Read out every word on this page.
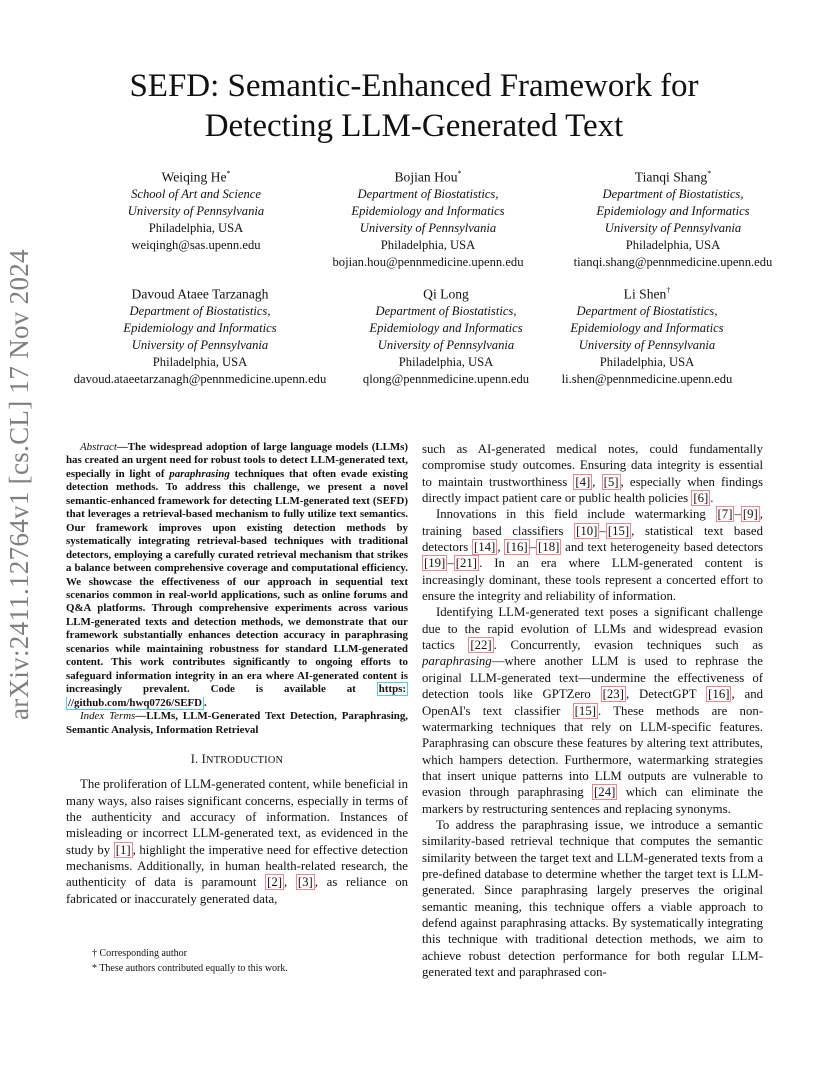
arXiv:2411.12764v1 [cs.CL] 17 Nov 2024
SEFD: Semantic-Enhanced Framework for
Detecting LLM-Generated Text
Weiqing He*
School of Art and Science
University of Pennsylvania
Philadelphia, USA
weiqingh@sas.upenn.edu
Bojian Hou*
Department of Biostatistics,
Epidemiology and Informatics
University of Pennsylvania
Philadelphia, USA
bojian.hou@pennmedicine.upenn.edu
Tianqi Shang*
Department of Biostatistics,
Epidemiology and Informatics
University of Pennsylvania
Philadelphia, USA
tianqi.shang@pennmedicine.upenn.edu
Davoud Ataee Tarzanagh
Department of Biostatistics,
Epidemiology and Informatics
University of Pennsylvania
Philadelphia, USA
davoud.ataeetarzanagh@pennmedicine.upenn.edu
Qi Long
Department of Biostatistics,
Epidemiology and Informatics
University of Pennsylvania
Philadelphia, USA
qlong@pennmedicine.upenn.edu
Li Shen†
Department of Biostatistics,
Epidemiology and Informatics
University of Pennsylvania
Philadelphia, USA
li.shen@pennmedicine.upenn.edu

Abstract—The widespread adoption of large language models (LLMs) has created an urgent need for robust tools to detect LLM-generated text, especially in light of paraphrasing techniques that often evade existing detection methods. To address this challenge, we present a novel semantic-enhanced framework for detecting LLM-generated text (SEFD) that leverages a retrieval-based mechanism to fully utilize text semantics. Our framework improves upon existing detection methods by systematically integrating retrieval-based techniques with traditional detectors, employing a carefully curated retrieval mechanism that strikes a balance between comprehensive coverage and computational efficiency. We showcase the effectiveness of our approach in sequential text scenarios common in real-world applications, such as online forums and Q&A platforms. Through comprehensive experiments across various LLM-generated texts and detection methods, we demonstrate that our framework substantially enhances detection accuracy in paraphrasing scenarios while maintaining robustness for standard LLM-generated content. This work contributes significantly to ongoing efforts to safeguard information integrity in an era where AI-generated content is increasingly prevalent. Code is available at https: //github.com/hwq0726/SEFD .

Index Terms—LLMs, LLM-Generated Text Detection, Paraphrasing, Semantic Analysis, Information Retrieval

I. INTRODUCTION

The proliferation of LLM-generated content, while beneficial in many ways, also raises significant concerns, especially in terms of the authenticity and accuracy of information. Instances of misleading or incorrect LLM-generated text, as evidenced in the study by [1] , highlight the imperative need for effective detection mechanisms. Additionally, in human health-related research, the authenticity of data is paramount [2] , [3] , as reliance on fabricated or inaccurately generated data,

† Corresponding author
* These authors contributed equally to this work.

such as AI-generated medical notes, could fundamentally compromise study outcomes. Ensuring data integrity is essential to maintain trustworthiness [4] , [5] , especially when findings directly impact patient care or public health policies [6] .

Innovations in this field include watermarking [7] – [9] , training based classifiers [10] – [15] , statistical text based detectors [14] , [16] – [18] and text heterogeneity based detectors [19] – [21] . In an era where LLM-generated content is increasingly dominant, these tools represent a concerted effort to ensure the integrity and reliability of information.

Identifying LLM-generated text poses a significant challenge due to the rapid evolution of LLMs and widespread evasion tactics [22] . Concurrently, evasion techniques such as paraphrasing—where another LLM is used to rephrase the original LLM-generated text—undermine the effectiveness of detection tools like GPTZero [23] , DetectGPT [16] , and OpenAI's text classifier [15] . These methods are non-watermarking techniques that rely on LLM-specific features. Paraphrasing can obscure these features by altering text attributes, which hampers detection. Furthermore, watermarking strategies that insert unique patterns into LLM outputs are vulnerable to evasion through paraphrasing [24] which can eliminate the markers by restructuring sentences and replacing synonyms.

To address the paraphrasing issue, we introduce a semantic similarity-based retrieval technique that computes the semantic similarity between the target text and LLM-generated texts from a pre-defined database to determine whether the target text is LLM-generated. Since paraphrasing largely preserves the original semantic meaning, this technique offers a viable approach to defend against paraphrasing attacks. By systematically integrating this technique with traditional detection methods, we aim to achieve robust detection performance for both regular LLM-generated text and paraphrased con-
